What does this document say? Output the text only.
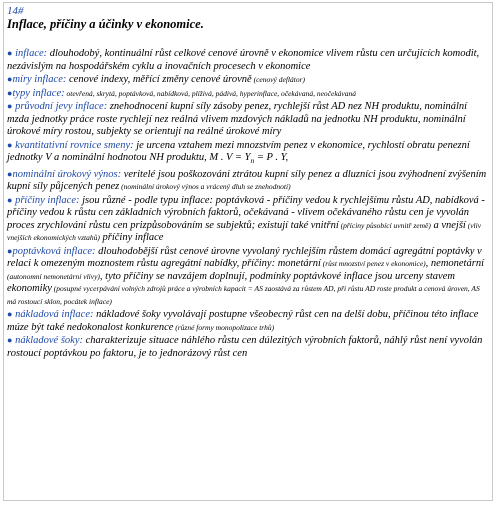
14#
Inflace, příčiny a účinky v ekonomice.

● inflace: dlouhodobý, kontinuální růst celkové cenové úrovně v ekonomice vlivem růstu cen určujících komodit, nezávislým na hospodářském cyklu a inovačních procesech v ekonomice

●míry inflace: cenové indexy, měřící změny cenové úrovně (cenový deflátor)

●typy inflace: otevřená, skrytá, poptávková, nabídková, plíživá, pádivá, hyperinflace, očekávaná, neočekávaná

● průvodní jevy inflace: znehodnocení kupní síly zásoby penez, rychlejší růst AD nez NH produktu, nominální mzda jednotky práce roste rychlejí nez reálná vlivem mzdových nákladů na jednotku NH produktu, nominální úrokové míry rostou, subjekty se orientují na reálné úrokové míry

● kvantitativní rovnice smeny: je urcena vztahem mezi mnozstvím penez v ekonomice, rychlostí obratu penezní jednotky V a nominální hodnotou NH produktu, M . $V = Y_n = P$ . Y,

●nominální úrokový výnos: veritelé jsou poškozováni ztrátou kupní síly penez a dluzníci jsou zvýhodnení zvýšením kupní síly půjcených penez (nominální úrokový výnos a vrácený dluh se znehodnotí)

● příčiny inflace: jsou různé - podle typu inflace: poptávková - příčiny vedou k rychlejšímu růstu AD, nabídková - příčiny vedou k růstu cen základních výrobních faktorů, očekávaná - vlivem očekávaného růstu cen je vyvolán proces zrychlování růstu cen prizpůsobováním se subjektů; existují také vnitřní (příciny působící uvnitř země) a vnejší (vliv vnejších ekonomických vztahů) příčiny inflace

●poptávková inflace: dlouhodobější růst cenové úrovne vyvolaný rychlejším růstem domácí agregátní poptávky v relaci k omezeným moznostem růstu agregátní nabídky, příčiny: monetární (růst mnozství penez v ekonomice), nemonetární (autonomní nemonetární vlivy), tyto příčiny se navzájem doplnují, podmínky poptávkové inflace jsou urceny stavem ekonomiky (posupné vycerpávání volných zdrojů práce a výrobních kapacit = AS zaostává za růstem AD, při růstu AD roste produkt a cenová úroven, AS má rostoucí sklon, pocátek inflace)

● nákladová inflace: nákladové šoky vyvolávají postupne všeobecný růst cen na delší dobu, příčinou této inflace múze být také nedokonalost konkurence (různé formy monopolizace trhů)

● nákladové šoky: charakterizuje situace náhlého růstu cen dúlezitých výrobních faktorů, náhlý růst není vyvolán rostoucí poptávkou po faktoru, je to jednorázový růst cen
